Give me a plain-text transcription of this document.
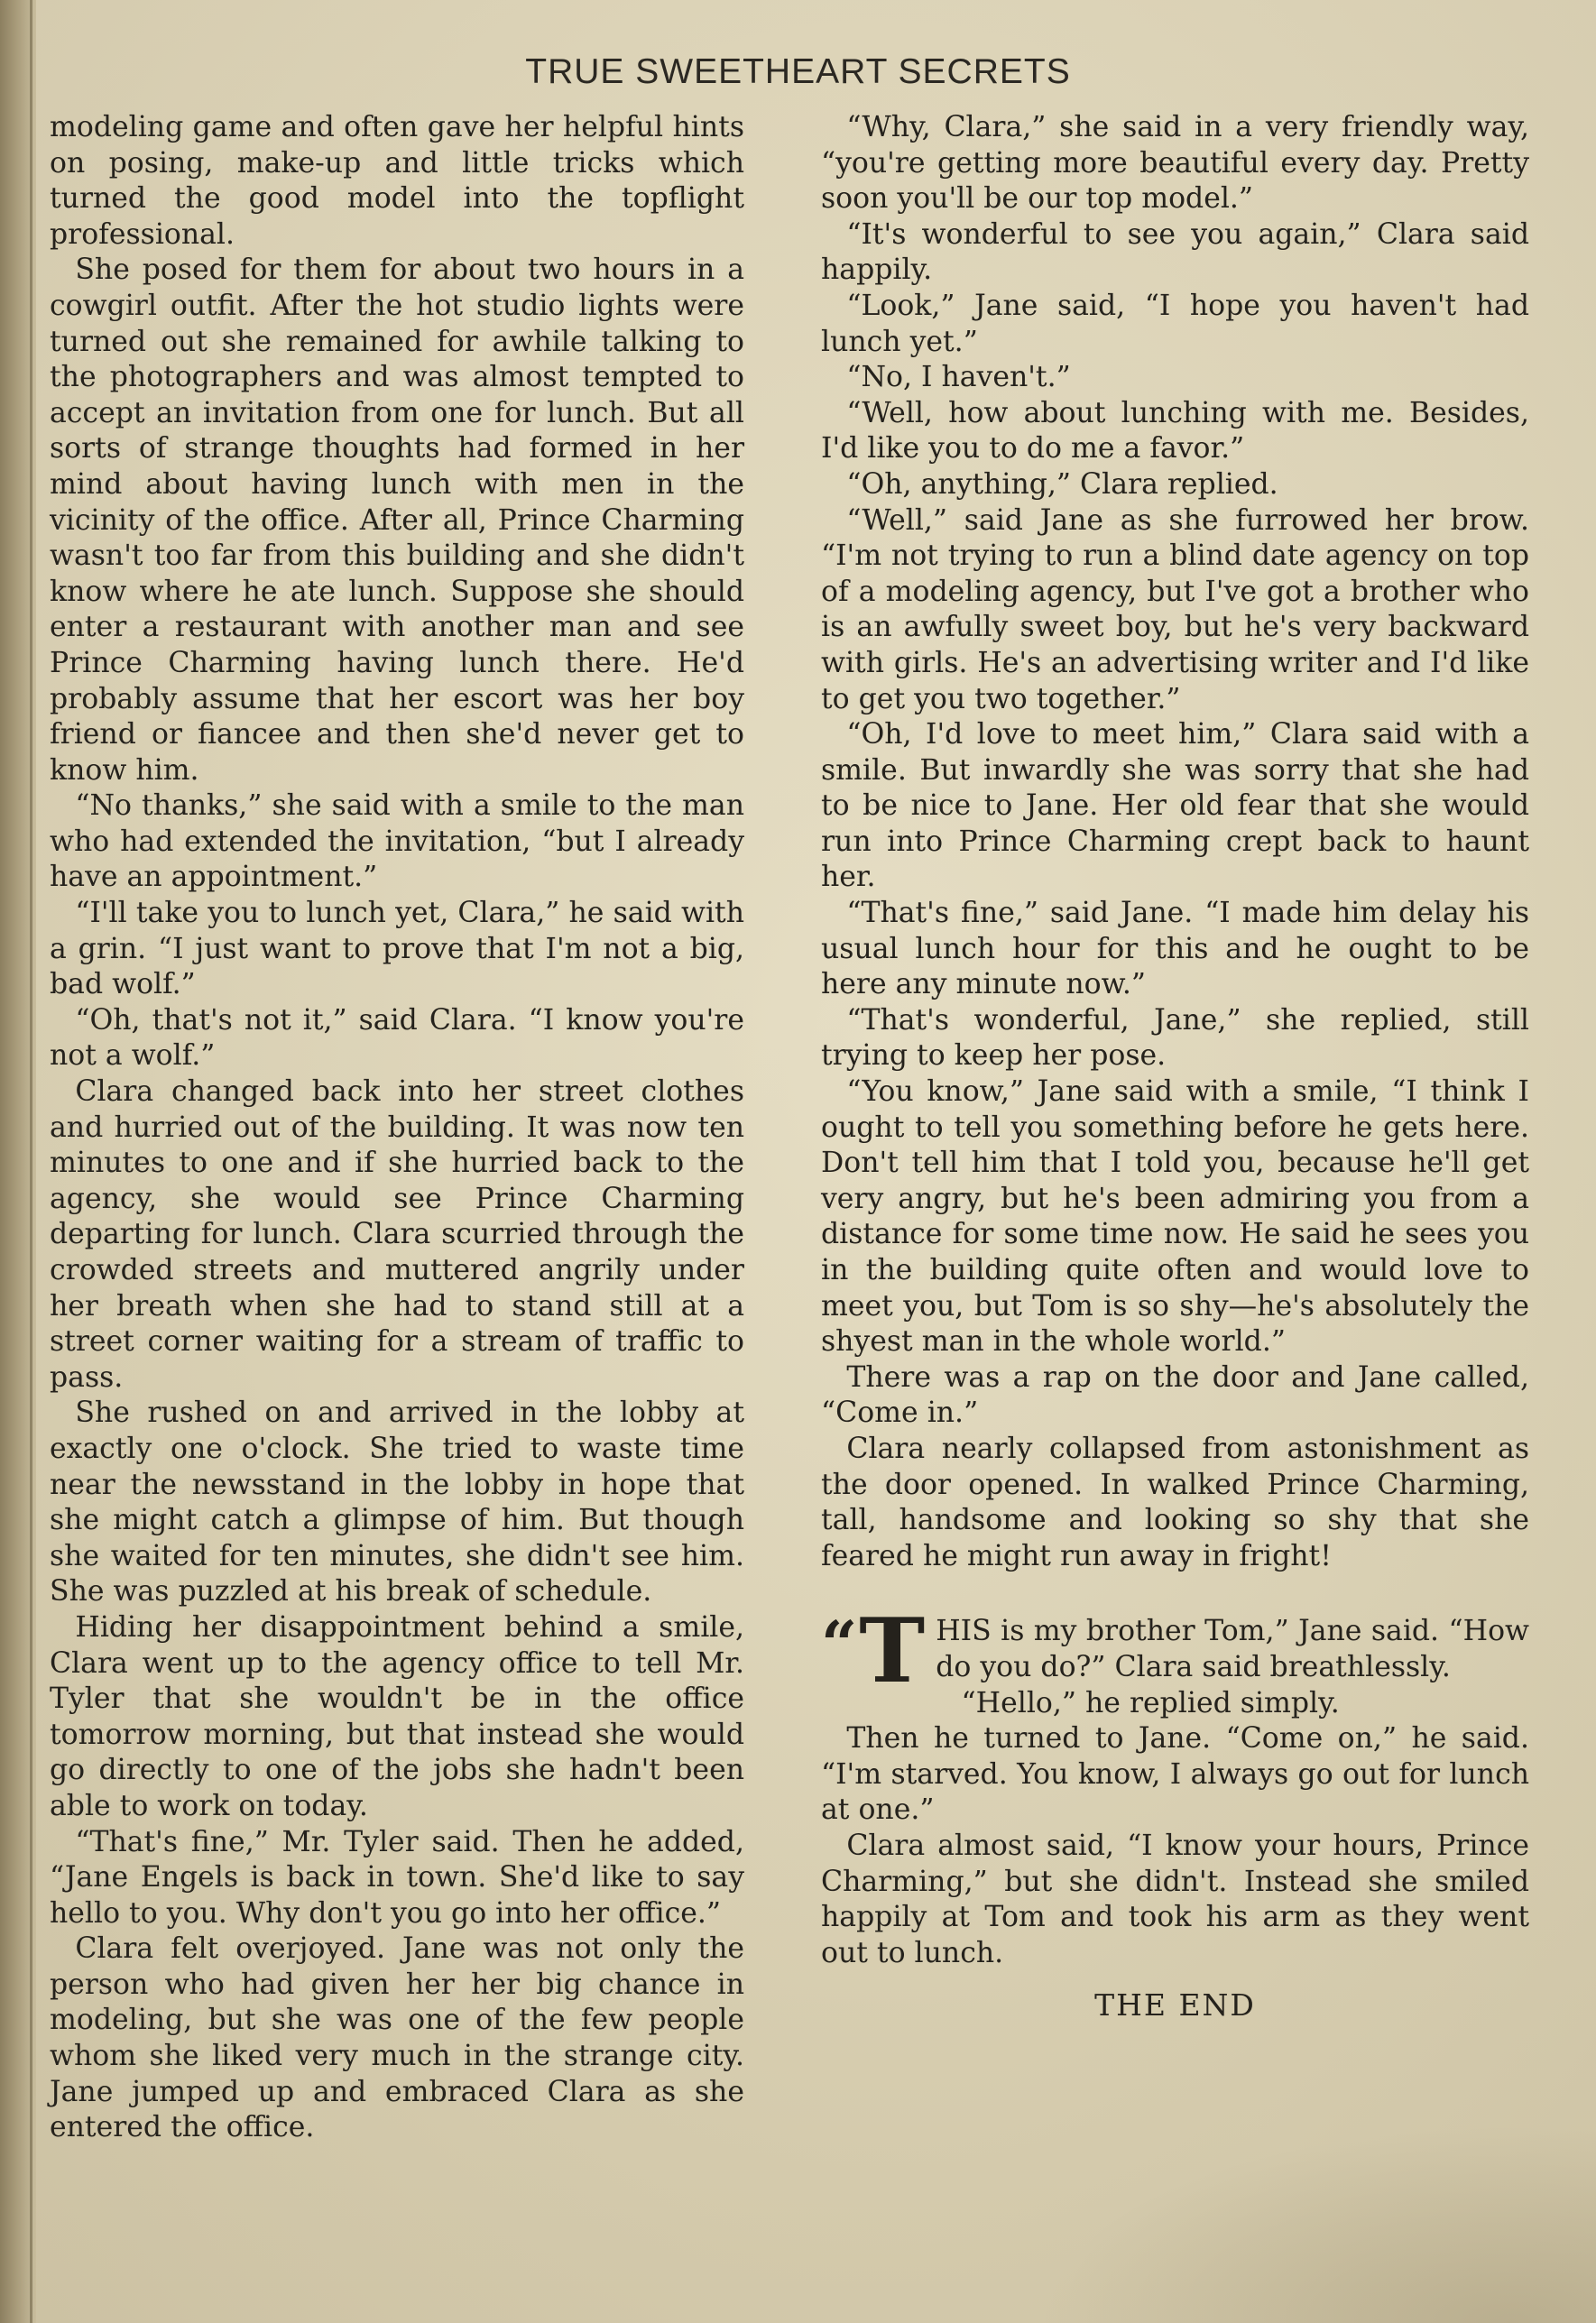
TRUE SWEETHEART SECRETS

modeling game and often gave her helpful hints on posing, make-up and little tricks which turned the good model into the topflight professional.

She posed for them for about two hours in a cowgirl outfit. After the hot studio lights were turned out she remained for awhile talking to the photographers and was almost tempted to accept an invitation from one for lunch. But all sorts of strange thoughts had formed in her mind about having lunch with men in the vicinity of the office. After all, Prince Charming wasn't too far from this building and she didn't know where he ate lunch. Suppose she should enter a restaurant with another man and see Prince Charming having lunch there. He'd probably assume that her escort was her boy friend or fiancee and then she'd never get to know him.

“No thanks,” she said with a smile to the man who had extended the invitation, “but I already have an appointment.”

“I'll take you to lunch yet, Clara,” he said with a grin. “I just want to prove that I'm not a big, bad wolf.”

“Oh, that's not it,” said Clara. “I know you're not a wolf.”

Clara changed back into her street clothes and hurried out of the building. It was now ten minutes to one and if she hurried back to the agency, she would see Prince Charming departing for lunch. Clara scurried through the crowded streets and muttered angrily under her breath when she had to stand still at a street corner waiting for a stream of traffic to pass.

She rushed on and arrived in the lobby at exactly one o'clock. She tried to waste time near the newsstand in the lobby in hope that she might catch a glimpse of him. But though she waited for ten minutes, she didn't see him. She was puzzled at his break of schedule.

Hiding her disappointment behind a smile, Clara went up to the agency office to tell Mr. Tyler that she wouldn't be in the office tomorrow morning, but that instead she would go directly to one of the jobs she hadn't been able to work on today.

“That's fine,” Mr. Tyler said. Then he added, “Jane Engels is back in town. She'd like to say hello to you. Why don't you go into her office.”

Clara felt overjoyed. Jane was not only the person who had given her her big chance in modeling, but she was one of the few people whom she liked very much in the strange city. Jane jumped up and embraced Clara as she entered the office.

“Why, Clara,” she said in a very friendly way, “you're getting more beautiful every day. Pretty soon you'll be our top model.”

“It's wonderful to see you again,” Clara said happily.

“Look,” Jane said, “I hope you haven't had lunch yet.”

“No, I haven't.”

“Well, how about lunching with me. Besides, I'd like you to do me a favor.”

“Oh, anything,” Clara replied.

“Well,” said Jane as she furrowed her brow. “I'm not trying to run a blind date agency on top of a modeling agency, but I've got a brother who is an awfully sweet boy, but he's very backward with girls. He's an advertising writer and I'd like to get you two together.”

“Oh, I'd love to meet him,” Clara said with a smile. But inwardly she was sorry that she had to be nice to Jane. Her old fear that she would run into Prince Charming crept back to haunt her.

“That's fine,” said Jane. “I made him delay his usual lunch hour for this and he ought to be here any minute now.”

“That's wonderful, Jane,” she replied, still trying to keep her pose.

“You know,” Jane said with a smile, “I think I ought to tell you something before he gets here. Don't tell him that I told you, because he'll get very angry, but he's been admiring you from a distance for some time now. He said he sees you in the building quite often and would love to meet you, but Tom is so shy—he's absolutely the shyest man in the whole world.”

There was a rap on the door and Jane called, “Come in.”

Clara nearly collapsed from astonishment as the door opened. In walked Prince Charming, tall, handsome and looking so shy that she feared he might run away in fright!

“ T HIS is my brother Tom,” Jane said. “How do you do?” Clara said breathlessly.

“Hello,” he replied simply.

Then he turned to Jane. “Come on,” he said. “I'm starved. You know, I always go out for lunch at one.”

Clara almost said, “I know your hours, Prince Charming,” but she didn't. Instead she smiled happily at Tom and took his arm as they went out to lunch.

THE END
